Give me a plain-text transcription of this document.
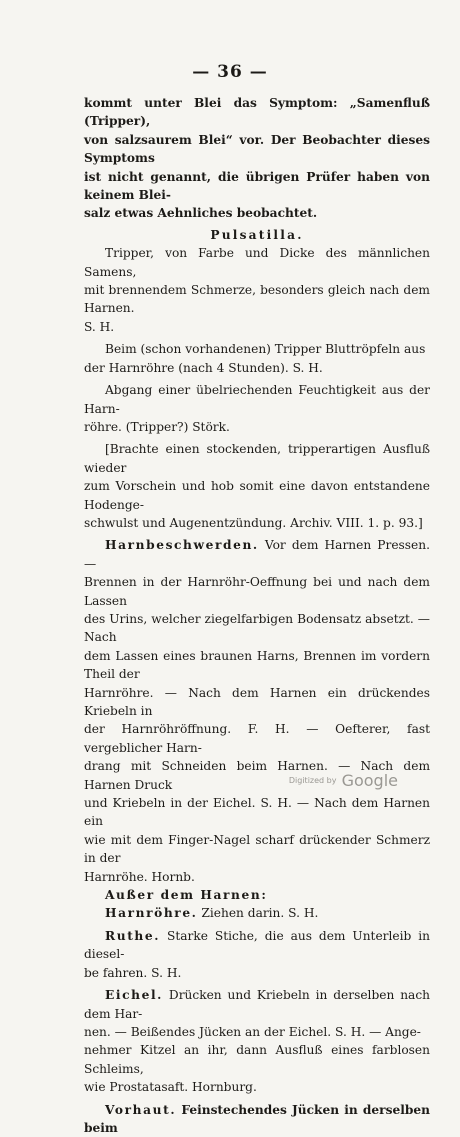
— 36 —

kommt unter Blei das Symptom: „Samenfluß (Tripper),

von salzsaurem Blei“ vor. Der Beobachter dieses Symptoms

ist nicht genannt, die übrigen Prüfer haben von keinem Blei-

salz etwas Aehnliches beobachtet.

Pulsatilla.

Tripper, von Farbe und Dicke des männlichen Samens,

mit brennendem Schmerze, besonders gleich nach dem Harnen.

S. H.

Beim (schon vorhandenen) Tripper Bluttröpfeln aus

der Harnröhre (nach 4 Stunden). S. H.

Abgang einer übelriechenden Feuchtigkeit aus der Harn-

röhre. (Tripper?) Störk.

[Brachte einen stockenden, tripperartigen Ausfluß wieder

zum Vorschein und hob somit eine davon entstandene Hodenge-

schwulst und Augenentzündung. Archiv. VIII. 1. p. 93.]

Harnbeschwerden. Vor dem Harnen Pressen. —

Brennen in der Harnröhr-Oeffnung bei und nach dem Lassen

des Urins, welcher ziegelfarbigen Bodensatz absetzt. — Nach

dem Lassen eines braunen Harns, Brennen im vordern Theil der

Harnröhre. — Nach dem Harnen ein drückendes Kriebeln in

der Harnröhröffnung. F. H. — Oefterer, fast vergeblicher Harn-

drang mit Schneiden beim Harnen. — Nach dem Harnen Druck

und Kriebeln in der Eichel. S. H. — Nach dem Harnen ein

wie mit dem Finger-Nagel scharf drückender Schmerz in der

Harnröhe. Hornb.

Außer dem Harnen:

Harnröhre. Ziehen darin. S. H.

Ruthe. Starke Stiche, die aus dem Unterleib in diesel-

be fahren. S. H.

Eichel. Drücken und Kriebeln in derselben nach dem Har-

nen. — Beißendes Jücken an der Eichel. S. H. — Ange-

nehmer Kitzel an ihr, dann Ausfluß eines farblosen Schleims,

wie Prostatasaft. Hornburg.

Vorhaut. Feinstechendes Jücken in derselben beim

Digitized by Google
